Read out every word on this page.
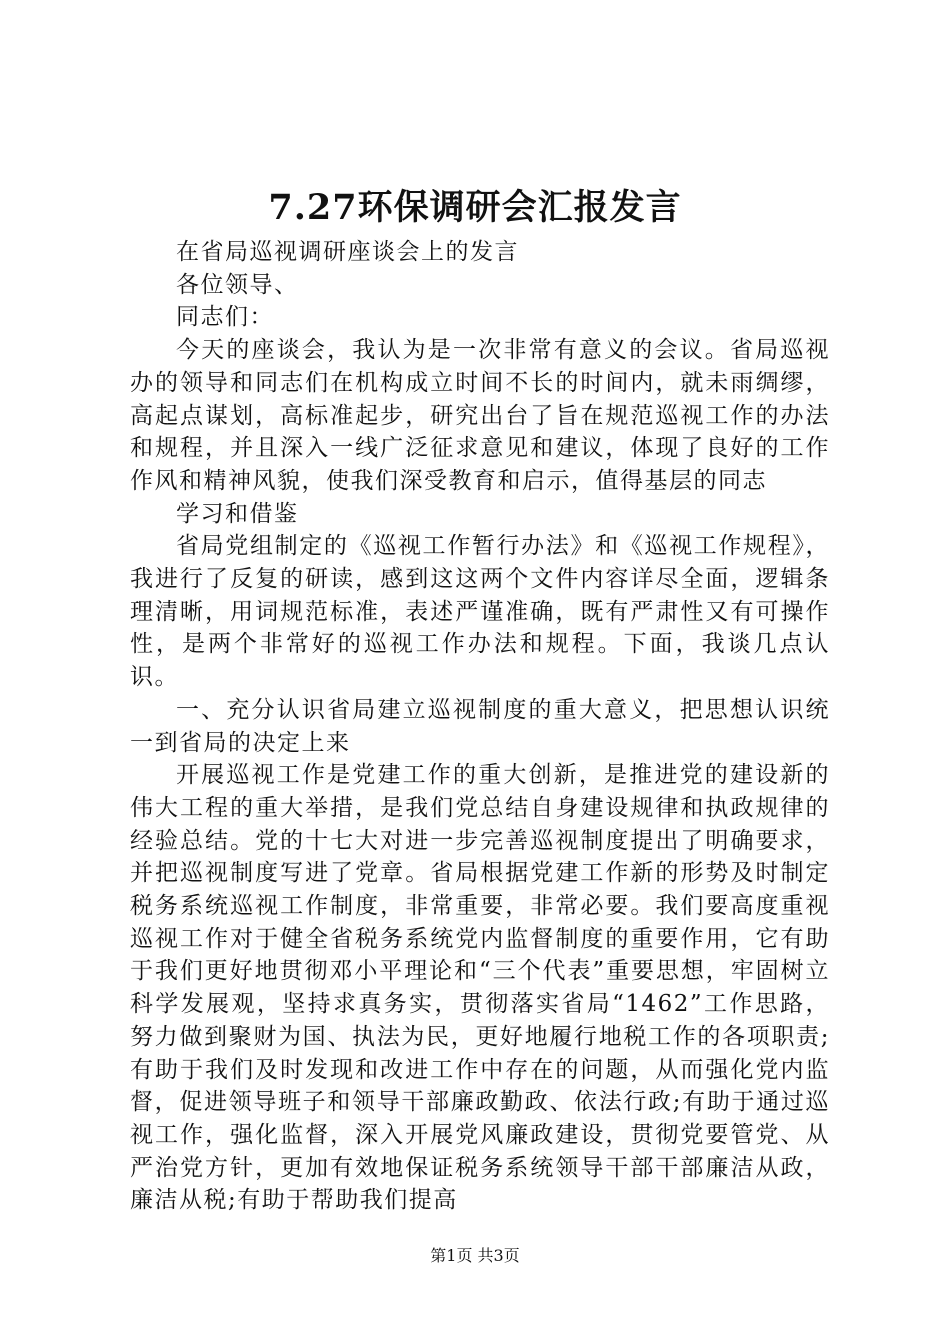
7.27环保调研会汇报发言

在省局巡视调研座谈会上的发言

各位领导、

同志们：

今天的座谈会，我认为是一次非常有意义的会议。省局巡视办的领导和同志们在机构成立时间不长的时间内，就未雨绸缪，高起点谋划，高标准起步，研究出台了旨在规范巡视工作的办法和规程，并且深入一线广泛征求意见和建议，体现了良好的工作作风和精神风貌，使我们深受教育和启示，值得基层的同志

学习和借鉴

省局党组制定的《巡视工作暂行办法》和《巡视工作规程》，我进行了反复的研读，感到这这两个文件内容详尽全面，逻辑条理清晰，用词规范标准，表述严谨准确，既有严肃性又有可操作性，是两个非常好的巡视工作办法和规程。下面，我谈几点认识。

一、充分认识省局建立巡视制度的重大意义，把思想认识统一到省局的决定上来

开展巡视工作是党建工作的重大创新，是推进党的建设新的伟大工程的重大举措，是我们党总结自身建设规律和执政规律的经验总结。党的十七大对进一步完善巡视制度提出了明确要求，并把巡视制度写进了党章。省局根据党建工作新的形势及时制定税务系统巡视工作制度，非常重要，非常必要。我们要高度重视巡视工作对于健全省税务系统党内监督制度的重要作用，它有助于我们更好地贯彻邓小平理论和“三个代表”重要思想，牢固树立科学发展观，坚持求真务实，贯彻落实省局“1462”工作思路，努力做到聚财为国、执法为民，更好地履行地税工作的各项职责;有助于我们及时发现和改进工作中存在的问题，从而强化党内监督，促进领导班子和领导干部廉政勤政、依法行政;有助于通过巡视工作，强化监督，深入开展党风廉政建设，贯彻党要管党、从严治党方针，更加有效地保证税务系统领导干部干部廉洁从政，廉洁从税;有助于帮助我们提高

第1页 共3页
